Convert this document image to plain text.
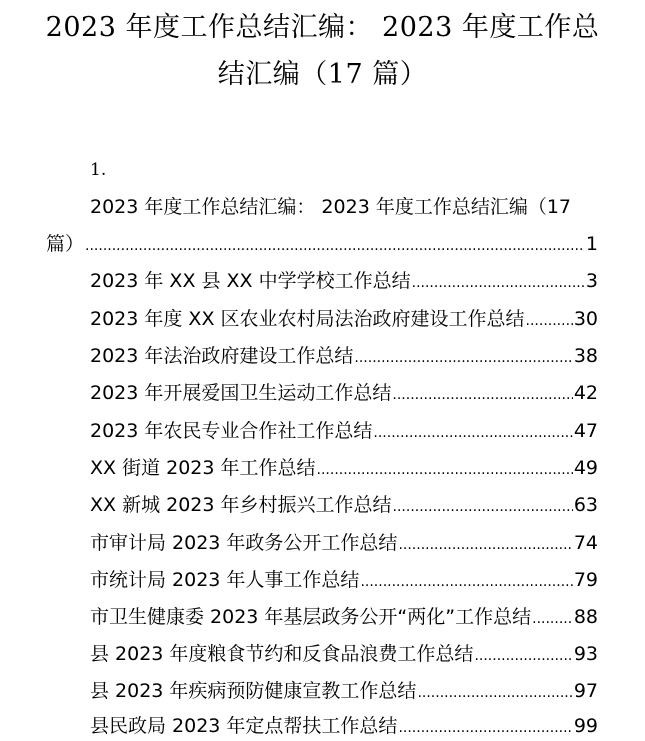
2023 年度工作总结汇编： 2023 年度工作总
结汇编（17 篇）
1.
2023 年度工作总结汇编： 2023 年度工作总结汇编（17
篇） .....	1
2023 年 XX 县 XX 中学学校工作总结 .....	3
2023 年度 XX 区农业农村局法治政府建设工作总结 .....	30
2023 年法治政府建设工作总结 .....	38
2023 年开展爱国卫生运动工作总结 .....	42
2023 年农民专业合作社工作总结 .....	47
XX 街道 2023 年工作总结 .....	49
XX 新城 2023 年乡村振兴工作总结 .....	63
市审计局 2023 年政务公开工作总结 .....	74
市统计局 2023 年人事工作总结 .....	79
市卫生健康委 2023 年基层政务公开“两化”工作总结 ..... 88
县 2023 年度粮食节约和反食品浪费工作总结 .....	93
县 2023 年疾病预防健康宣教工作总结 .....	97
县民政局 2023 年定点帮扶工作总结 .....	99
